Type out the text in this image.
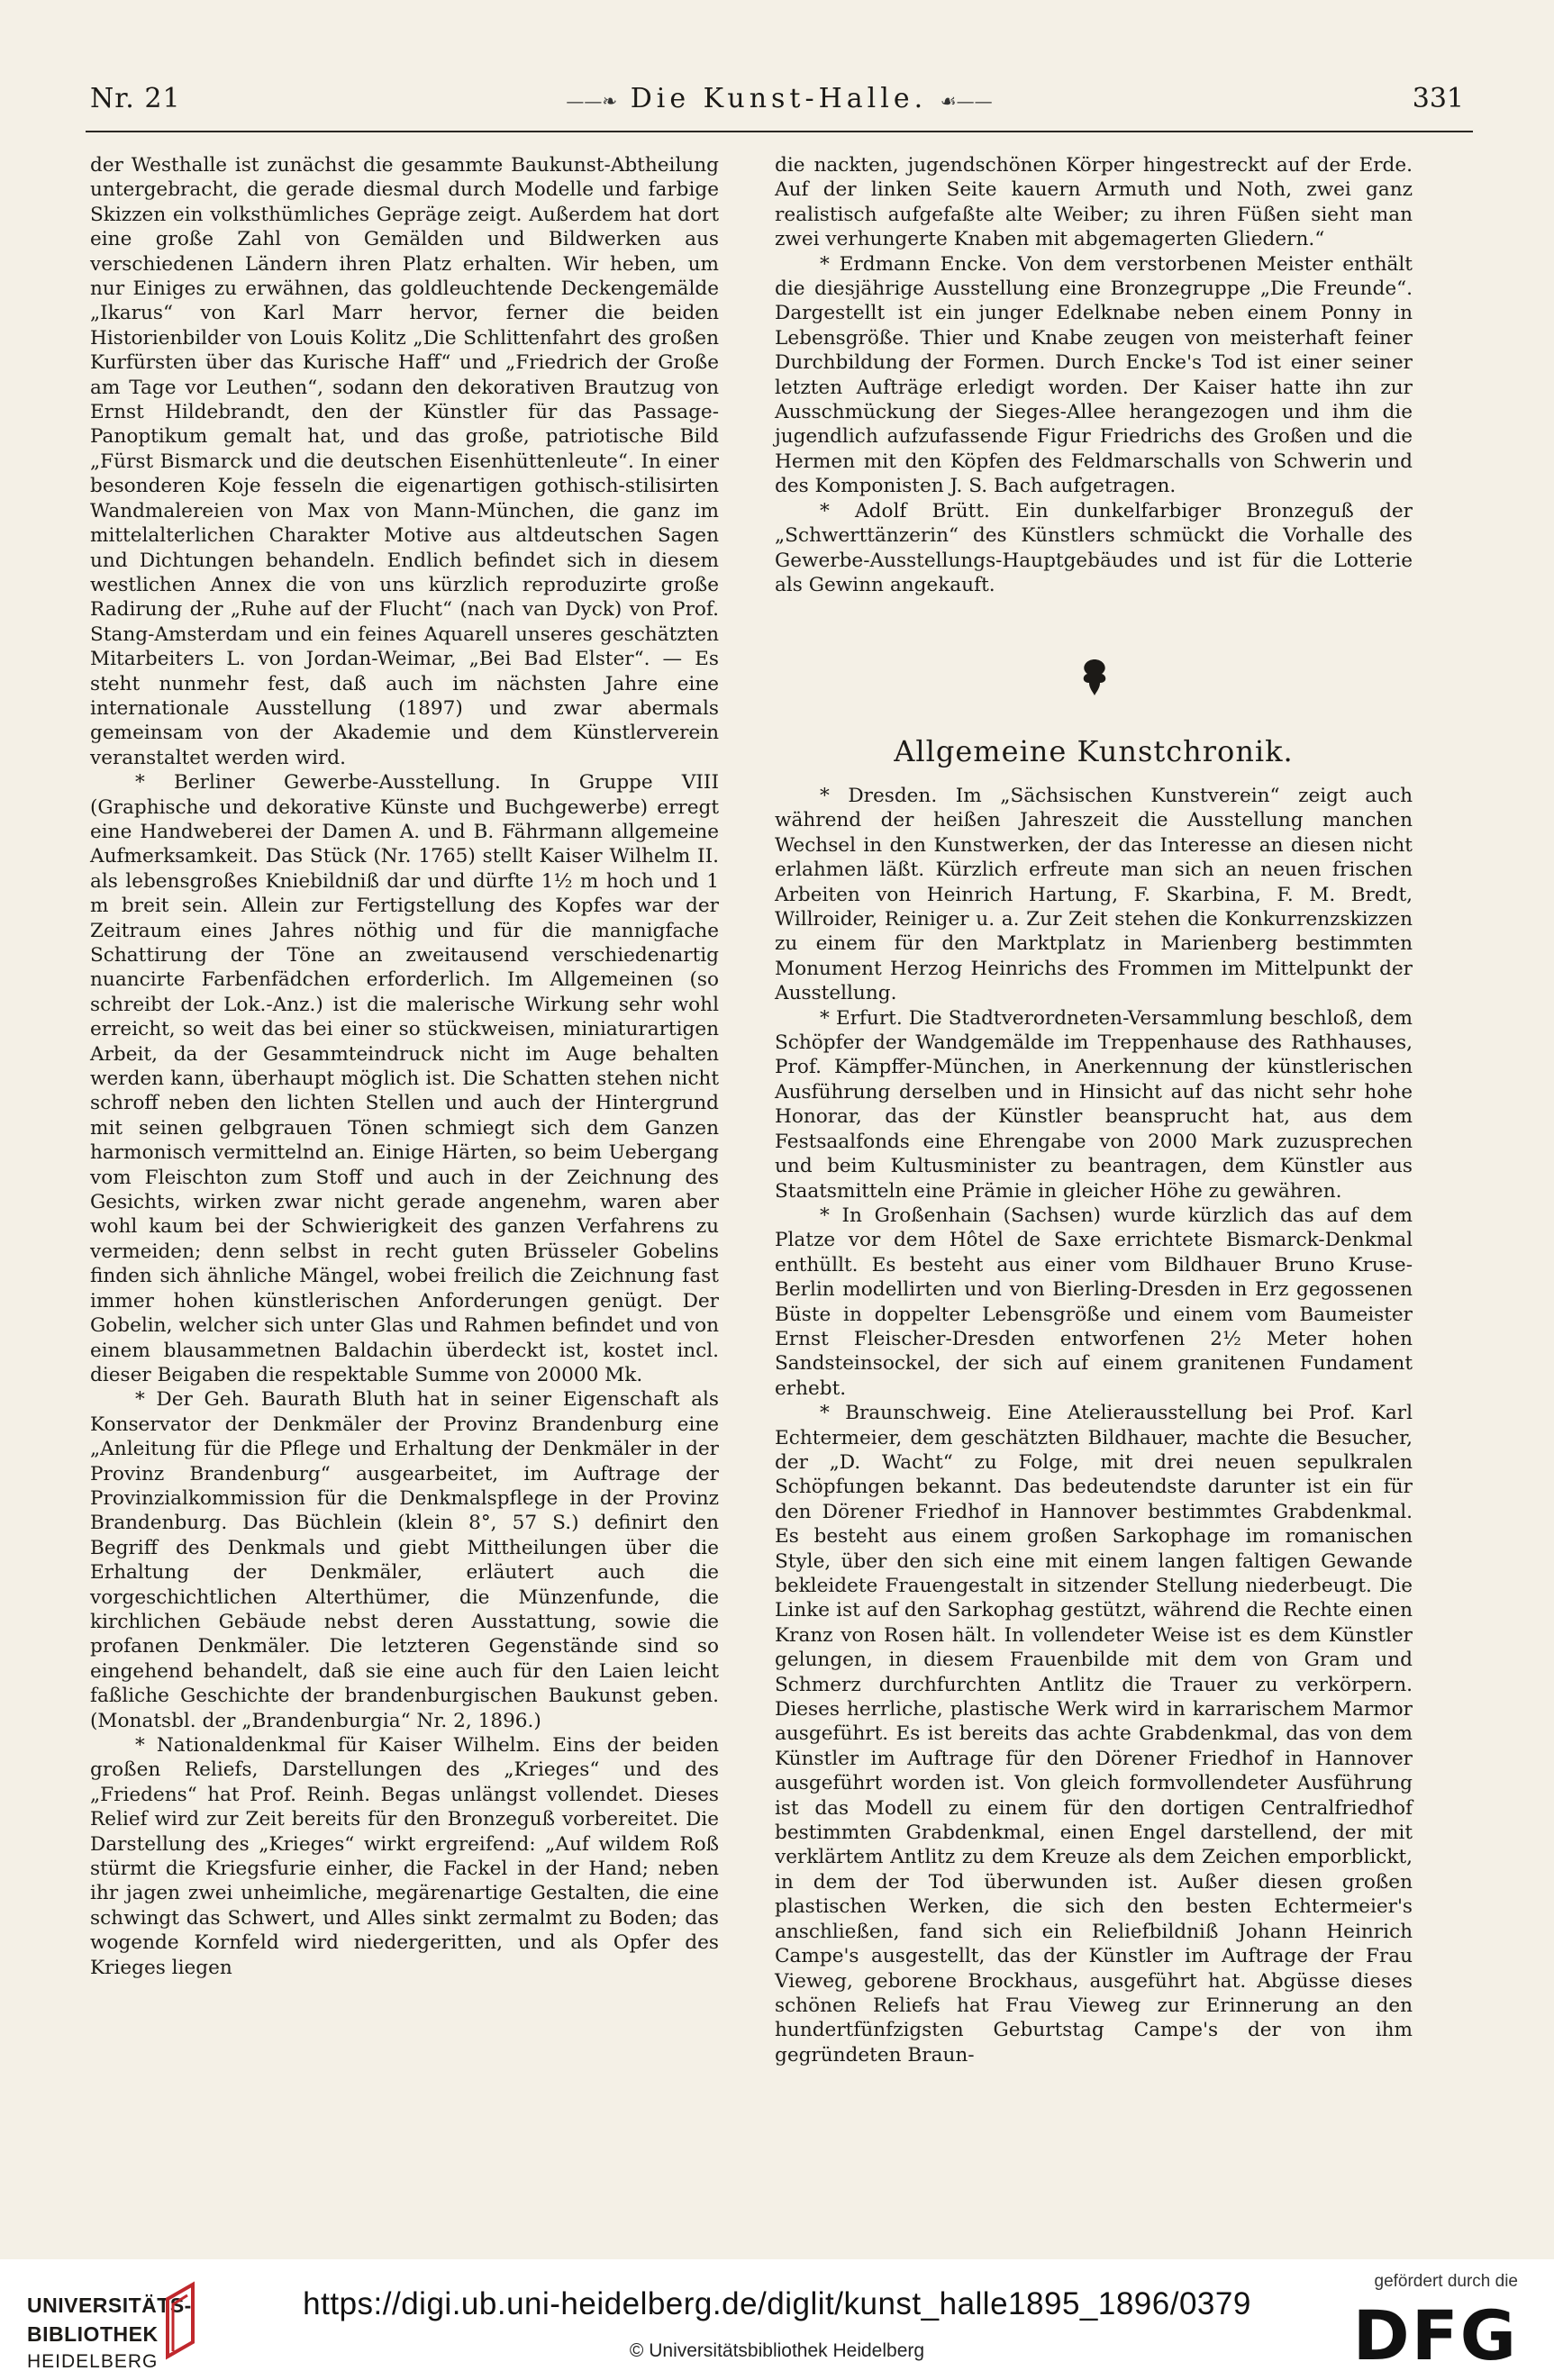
Nr. 21	——❧ Die Kunst-Halle. ☙——	331

der Westhalle ist zunächst die gesammte Baukunst-Abtheilung untergebracht, die gerade diesmal durch Modelle und farbige Skizzen ein volksthümliches Gepräge zeigt. Außerdem hat dort eine große Zahl von Gemälden und Bildwerken aus verschiedenen Ländern ihren Platz erhalten. Wir heben, um nur Einiges zu erwähnen, das goldleuchtende Deckengemälde „Ikarus“ von Karl Marr hervor, ferner die beiden Historienbilder von Louis Kolitz „Die Schlittenfahrt des großen Kurfürsten über das Kurische Haff“ und „Friedrich der Große am Tage vor Leuthen“, sodann den dekorativen Brautzug von Ernst Hildebrandt, den der Künstler für das Passage-Panoptikum gemalt hat, und das große, patriotische Bild „Fürst Bismarck und die deutschen Eisenhüttenleute“. In einer besonderen Koje fesseln die eigenartigen gothisch-stilisirten Wandmalereien von Max von Mann-München, die ganz im mittelalterlichen Charakter Motive aus altdeutschen Sagen und Dichtungen behandeln. Endlich befindet sich in diesem westlichen Annex die von uns kürzlich reproduzirte große Radirung der „Ruhe auf der Flucht“ (nach van Dyck) von Prof. Stang-Amsterdam und ein feines Aquarell unseres geschätzten Mitarbeiters L. von Jordan-Weimar, „Bei Bad Elster“. — Es steht nunmehr fest, daß auch im nächsten Jahre eine internationale Ausstellung (1897) und zwar abermals gemeinsam von der Akademie und dem Künstlerverein veranstaltet werden wird.

* Berliner Gewerbe-Ausstellung. In Gruppe VIII (Graphische und dekorative Künste und Buchgewerbe) erregt eine Handweberei der Damen A. und B. Fährmann allgemeine Aufmerksamkeit. Das Stück (Nr. 1765) stellt Kaiser Wilhelm II. als lebensgroßes Kniebildniß dar und dürfte 1½ m hoch und 1 m breit sein. Allein zur Fertigstellung des Kopfes war der Zeitraum eines Jahres nöthig und für die mannigfache Schattirung der Töne an zweitausend verschiedenartig nuancirte Farbenfädchen erforderlich. Im Allgemeinen (so schreibt der Lok.-Anz.) ist die malerische Wirkung sehr wohl erreicht, so weit das bei einer so stückweisen, miniaturartigen Arbeit, da der Gesammteindruck nicht im Auge behalten werden kann, überhaupt möglich ist. Die Schatten stehen nicht schroff neben den lichten Stellen und auch der Hintergrund mit seinen gelbgrauen Tönen schmiegt sich dem Ganzen harmonisch vermittelnd an. Einige Härten, so beim Uebergang vom Fleischton zum Stoff und auch in der Zeichnung des Gesichts, wirken zwar nicht gerade angenehm, waren aber wohl kaum bei der Schwierigkeit des ganzen Verfahrens zu vermeiden; denn selbst in recht guten Brüsseler Gobelins finden sich ähnliche Mängel, wobei freilich die Zeichnung fast immer hohen künstlerischen Anforderungen genügt. Der Gobelin, welcher sich unter Glas und Rahmen befindet und von einem blausammetnen Baldachin überdeckt ist, kostet incl. dieser Beigaben die respektable Summe von 20000 Mk.

* Der Geh. Baurath Bluth hat in seiner Eigenschaft als Konservator der Denkmäler der Provinz Brandenburg eine „Anleitung für die Pflege und Erhaltung der Denkmäler in der Provinz Brandenburg“ ausgearbeitet, im Auftrage der Provinzialkommission für die Denkmalspflege in der Provinz Brandenburg. Das Büchlein (klein 8°, 57 S.) definirt den Begriff des Denkmals und giebt Mittheilungen über die Erhaltung der Denkmäler, erläutert auch die vorgeschichtlichen Alterthümer, die Münzenfunde, die kirchlichen Gebäude nebst deren Ausstattung, sowie die profanen Denkmäler. Die letzteren Gegenstände sind so eingehend behandelt, daß sie eine auch für den Laien leicht faßliche Geschichte der brandenburgischen Baukunst geben. (Monatsbl. der „Brandenburgia“ Nr. 2, 1896.)

* Nationaldenkmal für Kaiser Wilhelm. Eins der beiden großen Reliefs, Darstellungen des „Krieges“ und des „Friedens“ hat Prof. Reinh. Begas unlängst vollendet. Dieses Relief wird zur Zeit bereits für den Bronzeguß vorbereitet. Die Darstellung des „Krieges“ wirkt ergreifend: „Auf wildem Roß stürmt die Kriegsfurie einher, die Fackel in der Hand; neben ihr jagen zwei unheimliche, megärenartige Gestalten, die eine schwingt das Schwert, und Alles sinkt zermalmt zu Boden; das wogende Kornfeld wird niedergeritten, und als Opfer des Krieges liegen

die nackten, jugendschönen Körper hingestreckt auf der Erde. Auf der linken Seite kauern Armuth und Noth, zwei ganz realistisch aufgefaßte alte Weiber; zu ihren Füßen sieht man zwei verhungerte Knaben mit abgemagerten Gliedern.“

* Erdmann Encke. Von dem verstorbenen Meister enthält die diesjährige Ausstellung eine Bronzegruppe „Die Freunde“. Dargestellt ist ein junger Edelknabe neben einem Ponny in Lebensgröße. Thier und Knabe zeugen von meisterhaft feiner Durchbildung der Formen. Durch Encke's Tod ist einer seiner letzten Aufträge erledigt worden. Der Kaiser hatte ihn zur Ausschmückung der Sieges-Allee herangezogen und ihm die jugendlich aufzufassende Figur Friedrichs des Großen und die Hermen mit den Köpfen des Feldmarschalls von Schwerin und des Komponisten J. S. Bach aufgetragen.

* Adolf Brütt. Ein dunkelfarbiger Bronzeguß der „Schwerttänzerin“ des Künstlers schmückt die Vorhalle des Gewerbe-Ausstellungs-Hauptgebäudes und ist für die Lotterie als Gewinn angekauft.

Allgemeine Kunstchronik.

* Dresden. Im „Sächsischen Kunstverein“ zeigt auch während der heißen Jahreszeit die Ausstellung manchen Wechsel in den Kunstwerken, der das Interesse an diesen nicht erlahmen läßt. Kürzlich erfreute man sich an neuen frischen Arbeiten von Heinrich Hartung, F. Skarbina, F. M. Bredt, Willroider, Reiniger u. a. Zur Zeit stehen die Konkurrenzskizzen zu einem für den Marktplatz in Marienberg bestimmten Monument Herzog Heinrichs des Frommen im Mittelpunkt der Ausstellung.

* Erfurt. Die Stadtverordneten-Versammlung beschloß, dem Schöpfer der Wandgemälde im Treppenhause des Rathhauses, Prof. Kämpffer-München, in Anerkennung der künstlerischen Ausführung derselben und in Hinsicht auf das nicht sehr hohe Honorar, das der Künstler beansprucht hat, aus dem Festsaalfonds eine Ehrengabe von 2000 Mark zuzusprechen und beim Kultusminister zu beantragen, dem Künstler aus Staatsmitteln eine Prämie in gleicher Höhe zu gewähren.

* In Großenhain (Sachsen) wurde kürzlich das auf dem Platze vor dem Hôtel de Saxe errichtete Bismarck-Denkmal enthüllt. Es besteht aus einer vom Bildhauer Bruno Kruse-Berlin modellirten und von Bierling-Dresden in Erz gegossenen Büste in doppelter Lebensgröße und einem vom Baumeister Ernst Fleischer-Dresden entworfenen 2½ Meter hohen Sandsteinsockel, der sich auf einem granitenen Fundament erhebt.

* Braunschweig. Eine Atelierausstellung bei Prof. Karl Echtermeier, dem geschätzten Bildhauer, machte die Besucher, der „D. Wacht“ zu Folge, mit drei neuen sepulkralen Schöpfungen bekannt. Das bedeutendste darunter ist ein für den Dörener Friedhof in Hannover bestimmtes Grabdenkmal. Es besteht aus einem großen Sarkophage im romanischen Style, über den sich eine mit einem langen faltigen Gewande bekleidete Frauengestalt in sitzender Stellung niederbeugt. Die Linke ist auf den Sarkophag gestützt, während die Rechte einen Kranz von Rosen hält. In vollendeter Weise ist es dem Künstler gelungen, in diesem Frauenbilde mit dem von Gram und Schmerz durchfurchten Antlitz die Trauer zu verkörpern. Dieses herrliche, plastische Werk wird in karrarischem Marmor ausgeführt. Es ist bereits das achte Grabdenkmal, das von dem Künstler im Auftrage für den Dörener Friedhof in Hannover ausgeführt worden ist. Von gleich formvollendeter Ausführung ist das Modell zu einem für den dortigen Centralfriedhof bestimmten Grabdenkmal, einen Engel darstellend, der mit verklärtem Antlitz zu dem Kreuze als dem Zeichen emporblickt, in dem der Tod überwunden ist. Außer diesen großen plastischen Werken, die sich den besten Echtermeier's anschließen, fand sich ein Reliefbildniß Johann Heinrich Campe's ausgestellt, das der Künstler im Auftrage der Frau Vieweg, geborene Brockhaus, ausgeführt hat. Abgüsse dieses schönen Reliefs hat Frau Vieweg zur Erinnerung an den hundertfünfzigsten Geburtstag Campe's der von ihm gegründeten Braun-

UNIVERSITÄTS-
BIBLIOTHEK
HEIDELBERG
https://digi.ub.uni-heidelberg.de/diglit/kunst_halle1895_1896/0379
© Universitätsbibliothek Heidelberg
gefördert durch die
DFG
